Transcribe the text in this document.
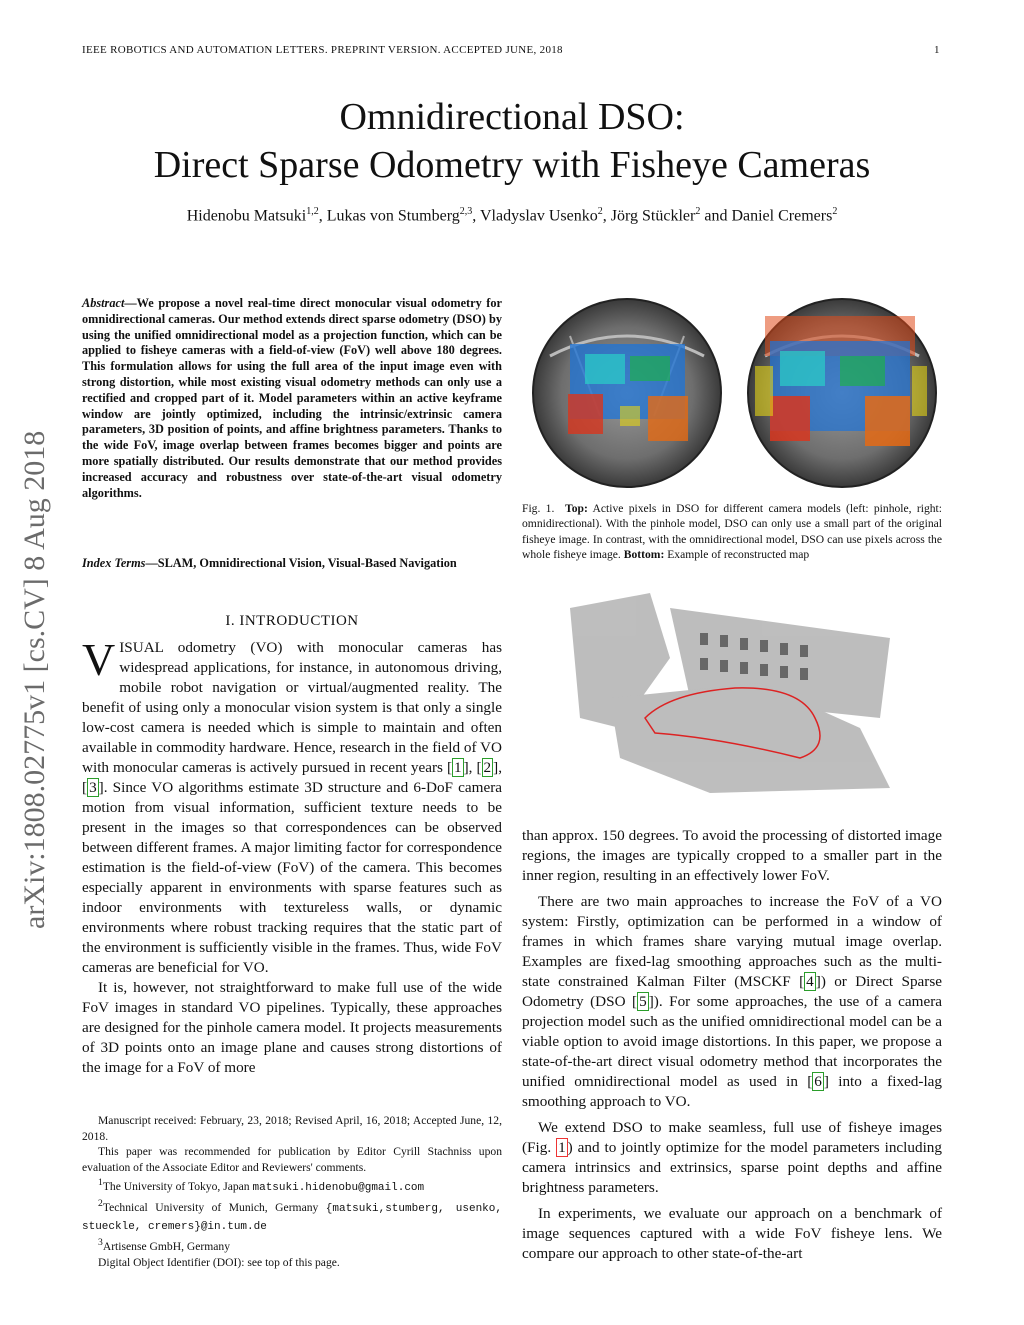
IEEE ROBOTICS AND AUTOMATION LETTERS. PREPRINT VERSION. ACCEPTED JUNE, 2018	1
Omnidirectional DSO:
Direct Sparse Odometry with Fisheye Cameras
Hidenobu Matsuki$^{1,2}$, Lukas von Stumberg$^{2,3}$, Vladyslav Usenko$^2$, Jörg Stückler$^2$ and Daniel Cremers$^2$
arXiv:1808.02775v1 [cs.CV] 8 Aug 2018
Abstract—We propose a novel real-time direct monocular visual odometry for omnidirectional cameras. Our method extends direct sparse odometry (DSO) by using the unified omnidirectional model as a projection function, which can be applied to fisheye cameras with a field-of-view (FoV) well above 180 degrees. This formulation allows for using the full area of the input image even with strong distortion, while most existing visual odometry methods can only use a rectified and cropped part of it. Model parameters within an active keyframe window are jointly optimized, including the intrinsic/extrinsic camera parameters, 3D position of points, and affine brightness parameters. Thanks to the wide FoV, image overlap between frames becomes bigger and points are more spatially distributed. Our results demonstrate that our method provides increased accuracy and robustness over state-of-the-art visual odometry algorithms.
Index Terms—SLAM, Omnidirectional Vision, Visual-Based Navigation
I. INTRODUCTION

VISUAL odometry (VO) with monocular cameras has widespread applications, for instance, in autonomous driving, mobile robot navigation or virtual/augmented reality. The benefit of using only a monocular vision system is that only a single low-cost camera is needed which is simple to maintain and often available in commodity hardware. Hence, research in the field of VO with monocular cameras is actively pursued in recent years [ 1 ], [ 2 ], [ 3 ]. Since VO algorithms estimate 3D structure and 6-DoF camera motion from visual information, sufficient texture needs to be present in the images so that correspondences can be observed between different frames. A major limiting factor for correspondence estimation is the field-of-view (FoV) of the camera. This becomes especially apparent in environments with sparse features such as indoor environments with textureless walls, or dynamic environments where robust tracking requires that the static part of the environment is sufficiently visible in the frames. Thus, wide FoV cameras are beneficial for VO.

It is, however, not straightforward to make full use of the wide FoV images in standard VO pipelines. Typically, these approaches are designed for the pinhole camera model. It projects measurements of 3D points onto an image plane and causes strong distortions of the image for a FoV of more

Manuscript received: February, 23, 2018; Revised April, 16, 2018; Accepted June, 12, 2018.

This paper was recommended for publication by Editor Cyrill Stachniss upon evaluation of the Associate Editor and Reviewers' comments.

$^1$The University of Tokyo, Japan matsuki.hidenobu@gmail.com

$^2$Technical University of Munich, Germany {matsuki,stumberg, usenko, stueckle, cremers}@in.tum.de

$^3$Artisense GmbH, Germany

Digital Object Identifier (DOI): see top of this page.

Fig. 1. Top: Active pixels in DSO for different camera models (left: pinhole, right: omnidirectional). With the pinhole model, DSO can only use a small part of the original fisheye image. In contrast, with the omnidirectional model, DSO can use pixels across the whole fisheye image. Bottom: Example of reconstructed map

than approx. 150 degrees. To avoid the processing of distorted image regions, the images are typically cropped to a smaller part in the inner region, resulting in an effectively lower FoV.

There are two main approaches to increase the FoV of a VO system: Firstly, optimization can be performed in a window of frames in which frames share varying mutual image overlap. Examples are fixed-lag smoothing approaches such as the multi-state constrained Kalman Filter (MSCKF [ 4 ]) or Direct Sparse Odometry (DSO [ 5 ]). For some approaches, the use of a camera projection model such as the unified omnidirectional model can be a viable option to avoid image distortions. In this paper, we propose a state-of-the-art direct visual odometry method that incorporates the unified omnidirectional model as used in [ 6 ] into a fixed-lag smoothing approach to VO.

We extend DSO to make seamless, full use of fisheye images (Fig. 1 ) and to jointly optimize for the model parameters including camera intrinsics and extrinsics, sparse point depths and affine brightness parameters.

In experiments, we evaluate our approach on a benchmark of image sequences captured with a wide FoV fisheye lens. We compare our approach to other state-of-the-art
